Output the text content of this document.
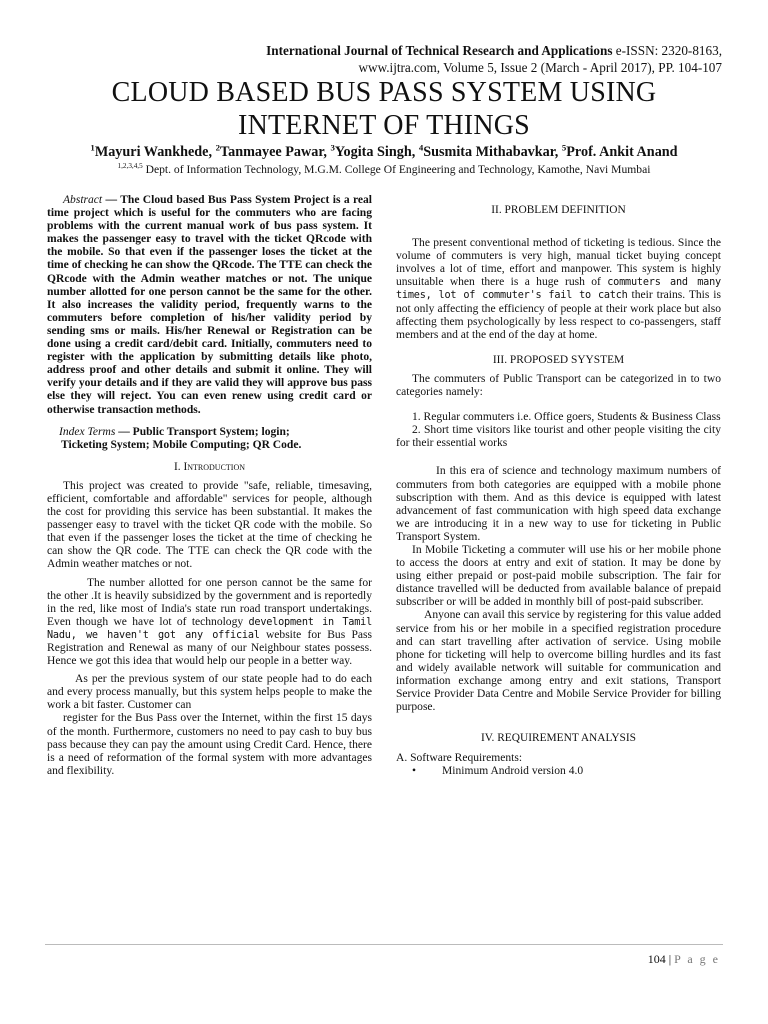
International Journal of Technical Research and Applications e-ISSN: 2320-8163,
www.ijtra.com, Volume 5, Issue 2 (March - April 2017), PP. 104-107
CLOUD BASED BUS PASS SYSTEM USING
INTERNET OF THINGS
$^1$Mayuri Wankhede, $^2$Tanmayee Pawar, $^3$Yogita Singh, $^4$Susmita Mithabavkar, $^5$Prof. Ankit Anand
$^{1,2,3,4,5}$ Dept. of Information Technology, M.G.M. College Of Engineering and Technology, Kamothe, Navi Mumbai

Abstract — The Cloud based Bus Pass System Project is a real time project which is useful for the commuters who are facing problems with the current manual work of bus pass system. It makes the passenger easy to travel with the ticket QRcode with the mobile. So that even if the passenger loses the ticket at the time of checking he can show the QRcode. The TTE can check the QRcode with the Admin weather matches or not. The unique number allotted for one person cannot be the same for the other. It also increases the validity period, frequently warns to the commuters before completion of his/her validity period by sending sms or mails. His/her Renewal or Registration can be done using a credit card/debit card. Initially, commuters need to register with the application by submitting details like photo, address proof and other details and submit it online. They will verify your details and if they are valid they will approve bus pass else they will reject. You can even renew using credit card or otherwise transaction methods.

Index Terms — Public Transport System; login;

Ticketing System; Mobile Computing; QR Code.

I. Introduction

This project was created to provide "safe, reliable, timesaving, efficient, comfortable and affordable" services for people, although the cost for providing this service has been substantial. It makes the passenger easy to travel with the ticket QR code with the mobile. So that even if the passenger loses the ticket at the time of checking he can show the QR code. The TTE can check the QR code with the Admin weather matches or not.

The number allotted for one person cannot be the same for the other .It is heavily subsidized by the government and is reportedly in the red, like most of India's state run road transport undertakings. Even though we have lot of technology development in Tamil Nadu, we haven't got any official website for Bus Pass Registration and Renewal as many of our Neighbour states possess. Hence we got this idea that would help our people in a better way.

As per the previous system of our state people had to do each and every process manually, but this system helps people to make the work a bit faster. Customer can

register for the Bus Pass over the Internet, within the first 15 days of the month. Furthermore, customers no need to pay cash to buy bus pass because they can pay the amount using Credit Card. Hence, there is a need of reformation of the formal system with more advantages and flexibility.

II. PROBLEM DEFINITION

The present conventional method of ticketing is tedious. Since the volume of commuters is very high, manual ticket buying concept involves a lot of time, effort and manpower. This system is highly unsuitable when there is a huge rush of commuters and many times, lot of commuter's fail to catch their trains. This is not only affecting the efficiency of people at their work place but also affecting them psychologically by less respect to co-passengers, staff members and at the end of the day at home.

III. PROPOSED SYYSTEM

The commuters of Public Transport can be categorized in to two categories namely:

1. Regular commuters i.e. Office goers, Students & Business Class

2. Short time visitors like tourist and other people visiting the city for their essential works

In this era of science and technology maximum numbers of commuters from both categories are equipped with a mobile phone subscription with them. And as this device is equipped with latest advancement of fast communication with high speed data exchange we are introducing it in a new way to use for ticketing in Public Transport System.

In Mobile Ticketing a commuter will use his or her mobile phone to access the doors at entry and exit of station. It may be done by using either prepaid or post-paid mobile subscription. The fair for distance travelled will be deducted from available balance of prepaid subscriber or will be added in monthly bill of post-paid subscriber.

Anyone can avail this service by registering for this value added service from his or her mobile in a specified registration procedure and can start travelling after activation of service. Using mobile phone for ticketing will help to overcome billing hurdles and its fast and widely available network will suitable for communication and information exchange among entry and exit stations, Transport Service Provider Data Centre and Mobile Service Provider for billing purpose.

IV. REQUIREMENT ANALYSIS

A. Software Requirements:

• Minimum Android version 4.0

104 | P a g e
